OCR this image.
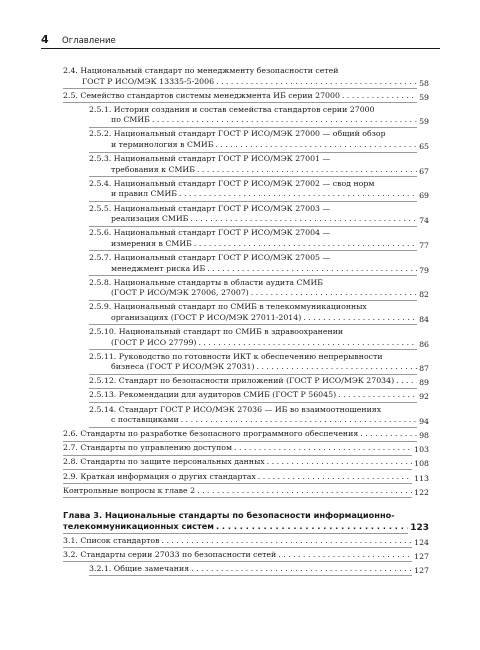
4	Оглавление
2.4. Национальный стандарт по менеджменту безопасности сетей
ГОСТ Р ИСО/МЭК 13335-5-2006 . . .	58
2.5. Семейство стандартов системы менеджмента ИБ серии 27000 . . .	59
2.5.1. История создания и состав семейства стандартов серии 27000
по СМИБ . . .	59
2.5.2. Национальный стандарт ГОСТ Р ИСО/МЭК 27000 — общий обзор
и терминология в СМИБ . . .	65
2.5.3. Национальный стандарт ГОСТ Р ИСО/МЭК 27001 —
требования к СМИБ . . .	67
2.5.4. Национальный стандарт ГОСТ Р ИСО/МЭК 27002 — свод норм
и правил СМИБ . . .	69
2.5.5. Национальный стандарт ГОСТ Р ИСО/МЭК 27003 —
реализация СМИБ . . .	74
2.5.6. Национальный стандарт ГОСТ Р ИСО/МЭК 27004 —
измерения в СМИБ . . .	77
2.5.7. Национальный стандарт ГОСТ Р ИСО/МЭК 27005 —
менеджмент риска ИБ . . .	79
2.5.8. Национальные стандарты в области аудита СМИБ
(ГОСТ Р ИСО/МЭК 27006, 27007) . . .	82
2.5.9. Национальный стандарт по СМИБ в телекоммуникационных
организациях (ГОСТ Р ИСО/МЭК 27011-2014) . . .	84
2.5.10. Национальный стандарт по СМИБ в здравоохранении
(ГОСТ Р ИСО 27799) . . .	86
2.5.11. Руководство по готовности ИКТ к обеспечению непрерывности
бизнеса (ГОСТ Р ИСО/МЭК 27031) . . .	87
2.5.12. Стандарт по безопасности приложений (ГОСТ Р ИСО/МЭК 27034) . . .	89
2.5.13. Рекомендации для аудиторов СМИБ (ГОСТ Р 56045) . . .	92
2.5.14. Стандарт ГОСТ Р ИСО/МЭК 27036 — ИБ во взаимоотношениях
с поставщиками . . .	94
2.6. Стандарты по разработке безопасного программного обеспечения . . .	98
2.7. Стандарты по управлению доступом . . .	103
2.8. Стандарты по защите персональных данных . . .	108
2.9. Краткая информация о других стандартах . . .	113
Контрольные вопросы к главе 2 . . .	122
Глава 3. Национальные стандарты по безопасности информационно-
телекоммуникационных систем . . .	123
3.1. Список стандартов . . .	124
3.2. Стандарты серии 27033 по безопасности сетей . . .	127
3.2.1. Общие замечания . . .	127
